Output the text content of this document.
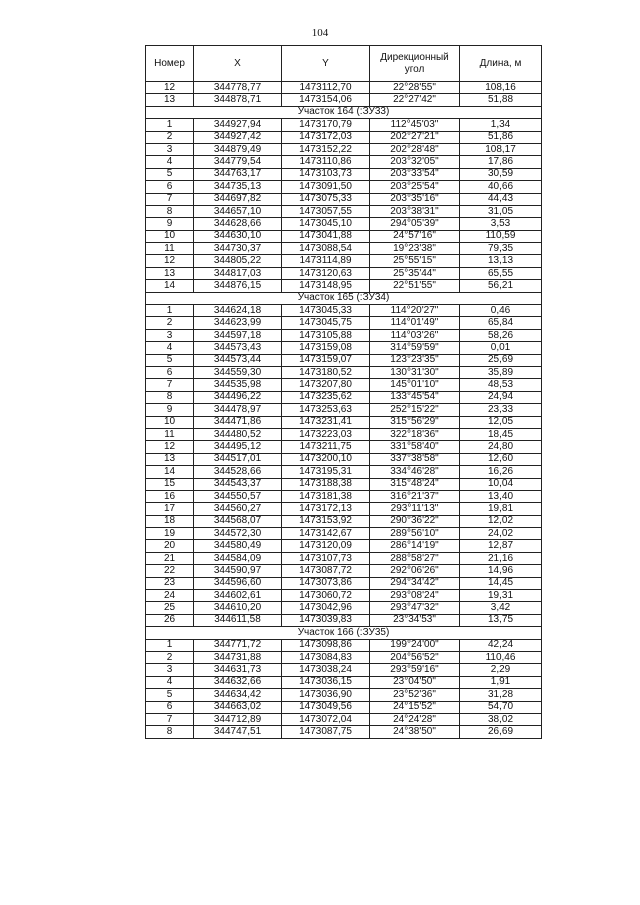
104
Номер	X	Y	Дирекционный угол	Длина, м
12	344778,77	1473112,70	22°28'55"	108,16
13	344878,71	1473154,06	22°27'42"	51,88
Участок 164 (:ЗУ33)				
1	344927,94	1473170,79	112°45'03"	1,34
2	344927,42	1473172,03	202°27'21"	51,86
3	344879,49	1473152,22	202°28'48"	108,17
4	344779,54	1473110,86	203°32'05"	17,86
5	344763,17	1473103,73	203°33'54"	30,59
6	344735,13	1473091,50	203°25'54"	40,66
7	344697,82	1473075,33	203°35'16"	44,43
8	344657,10	1473057,55	203°38'31"	31,05
9	344628,66	1473045,10	294°05'39"	3,53
10	344630,10	1473041,88	24°57'16"	110,59
11	344730,37	1473088,54	19°23'38"	79,35
12	344805,22	1473114,89	25°55'15"	13,13
13	344817,03	1473120,63	25°35'44"	65,55
14	344876,15	1473148,95	22°51'55"	56,21
Участок 165 (:ЗУ34)				
1	344624,18	1473045,33	114°20'27"	0,46
2	344623,99	1473045,75	114°01'49"	65,84
3	344597,18	1473105,88	114°03'26"	58,26
4	344573,43	1473159,08	314°59'59"	0,01
5	344573,44	1473159,07	123°23'35"	25,69
6	344559,30	1473180,52	130°31'30"	35,89
7	344535,98	1473207,80	145°01'10"	48,53
8	344496,22	1473235,62	133°45'54"	24,94
9	344478,97	1473253,63	252°15'22"	23,33
10	344471,86	1473231,41	315°56'29"	12,05
11	344480,52	1473223,03	322°18'36"	18,45
12	344495,12	1473211,75	331°58'40"	24,80
13	344517,01	1473200,10	337°38'58"	12,60
14	344528,66	1473195,31	334°46'28"	16,26
15	344543,37	1473188,38	315°48'24"	10,04
16	344550,57	1473181,38	316°21'37"	13,40
17	344560,27	1473172,13	293°11'13"	19,81
18	344568,07	1473153,92	290°36'22"	12,02
19	344572,30	1473142,67	289°56'10"	24,02
20	344580,49	1473120,09	286°14'19"	12,87
21	344584,09	1473107,73	288°58'27"	21,16
22	344590,97	1473087,72	292°06'26"	14,96
23	344596,60	1473073,86	294°34'42"	14,45
24	344602,61	1473060,72	293°08'24"	19,31
25	344610,20	1473042,96	293°47'32"	3,42
26	344611,58	1473039,83	23°34'53"	13,75
Участок 166 (:ЗУ35)				
1	344771,72	1473098,86	199°24'00"	42,24
2	344731,88	1473084,83	204°56'52"	110,46
3	344631,73	1473038,24	293°59'16"	2,29
4	344632,66	1473036,15	23°04'50"	1,91
5	344634,42	1473036,90	23°52'36"	31,28
6	344663,02	1473049,56	24°15'52"	54,70
7	344712,89	1473072,04	24°24'28"	38,02
8	344747,51	1473087,75	24°38'50"	26,69
